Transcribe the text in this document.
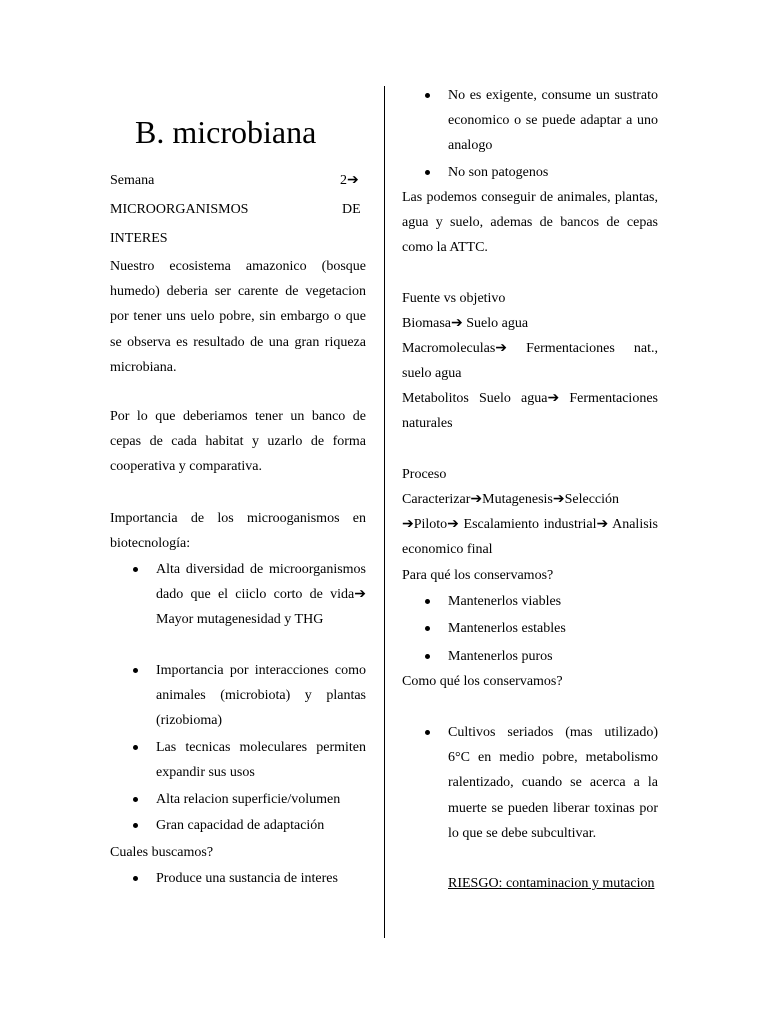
B. microbiana
Semana	2➔
MICROORGANISMOS	DE
INTERES
Nuestro ecosistema amazonico (bosque humedo) deberia ser carente de vegetacion por tener uns uelo pobre, sin embargo o que se observa es resultado de una gran riqueza microbiana.
Por lo que deberiamos tener un banco de cepas de cada habitat y uzarlo de forma cooperativa y comparativa.
Importancia de los microoganismos en biotecnología:
Alta diversidad de microorganismos dado que el ciiclo corto de vida➔ Mayor mutagenesidad y THG
Importancia por interacciones como animales (microbiota) y plantas (rizobioma)
Las tecnicas moleculares permiten expandir sus usos
Alta relacion superficie/volumen
Gran capacidad de adaptación
Cuales buscamos?
Produce una sustancia de interes
No es exigente, consume un sustrato economico o se puede adaptar a uno analogo
No son patogenos
Las podemos conseguir de animales, plantas, agua y suelo, ademas de bancos de cepas como la ATTC.
Fuente vs objetivo
Biomasa➔ Suelo agua
Macromoleculas➔ Fermentaciones nat., suelo agua
Metabolitos Suelo agua➔ Fermentaciones naturales
Proceso
Caracterizar➔Mutagenesis➔Selección ➔Piloto➔ Escalamiento industrial➔ Analisis economico final
Para qué los conservamos?
Mantenerlos viables
Mantenerlos estables
Mantenerlos puros
Como qué los conservamos?
Cultivos seriados (mas utilizado) 6°C en medio pobre, metabolismo ralentizado, cuando se acerca a la muerte se pueden liberar toxinas por lo que se debe subcultivar.
RIESGO: contaminacion y mutacion
